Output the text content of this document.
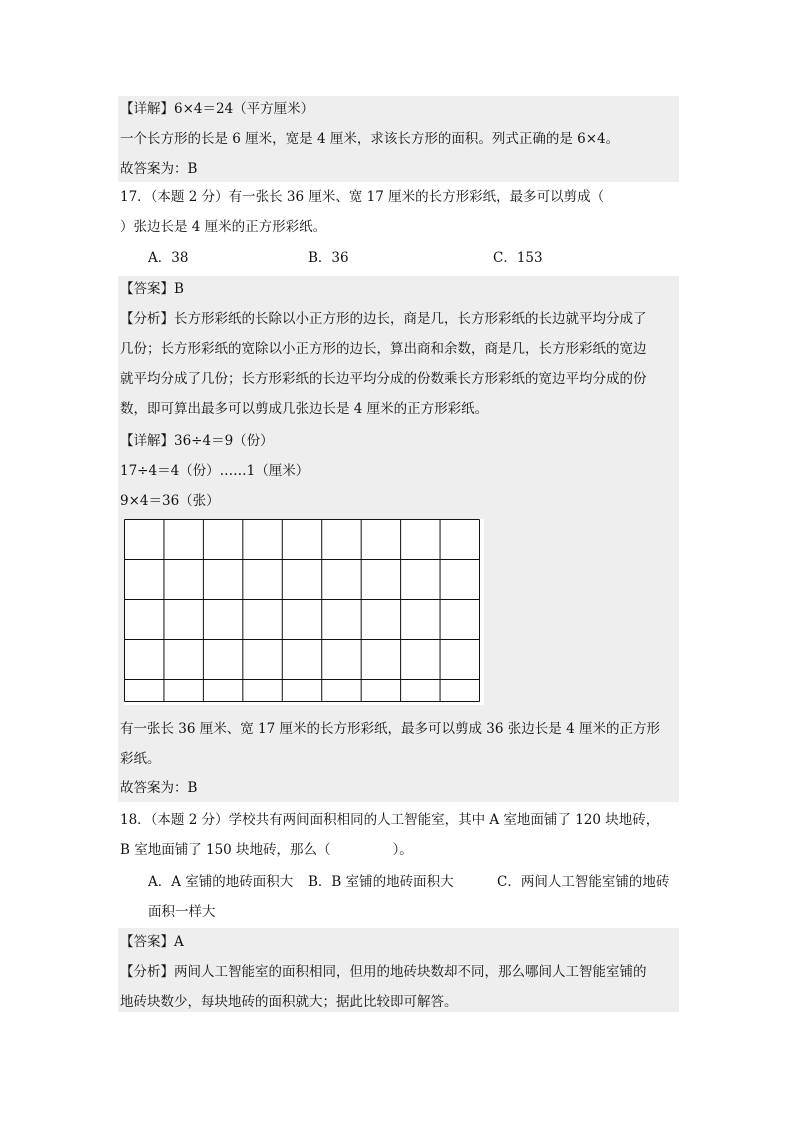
【详解】6×4＝24（平方厘米）
一个长方形的长是 6 厘米，宽是 4 厘米，求该长方形的面积。列式正确的是 6×4。
故答案为：B
17．（本题 2 分）有一张长 36 厘米、宽 17 厘米的长方形彩纸，最多可以剪成（
）张边长是 4 厘米的正方形彩纸。
A．38	B．36	C．153
【答案】B
【分析】长方形彩纸的长除以小正方形的边长，商是几，长方形彩纸的长边就平均分成了
几份；长方形彩纸的宽除以小正方形的边长，算出商和余数，商是几，长方形彩纸的宽边
就平均分成了几份；长方形彩纸的长边平均分成的份数乘长方形彩纸的宽边平均分成的份
数，即可算出最多可以剪成几张边长是 4 厘米的正方形彩纸。
【详解】36÷4＝9（份）
17÷4＝4（份）……1（厘米）
9×4＝36（张）
有一张长 36 厘米、宽 17 厘米的长方形彩纸，最多可以剪成 36 张边长是 4 厘米的正方形
彩纸。
故答案为：B
18．（本题 2 分）学校共有两间面积相同的人工智能室，其中 A 室地面铺了 120 块地砖，
B 室地面铺了 150 块地砖，那么（	）。
A．A 室铺的地砖面积大 B．B 室铺的地砖面积大	C．两间人工智能室铺的地砖
面积一样大
【答案】A
【分析】两间人工智能室的面积相同，但用的地砖块数却不同，那么哪间人工智能室铺的
地砖块数少，每块地砖的面积就大；据此比较即可解答。
